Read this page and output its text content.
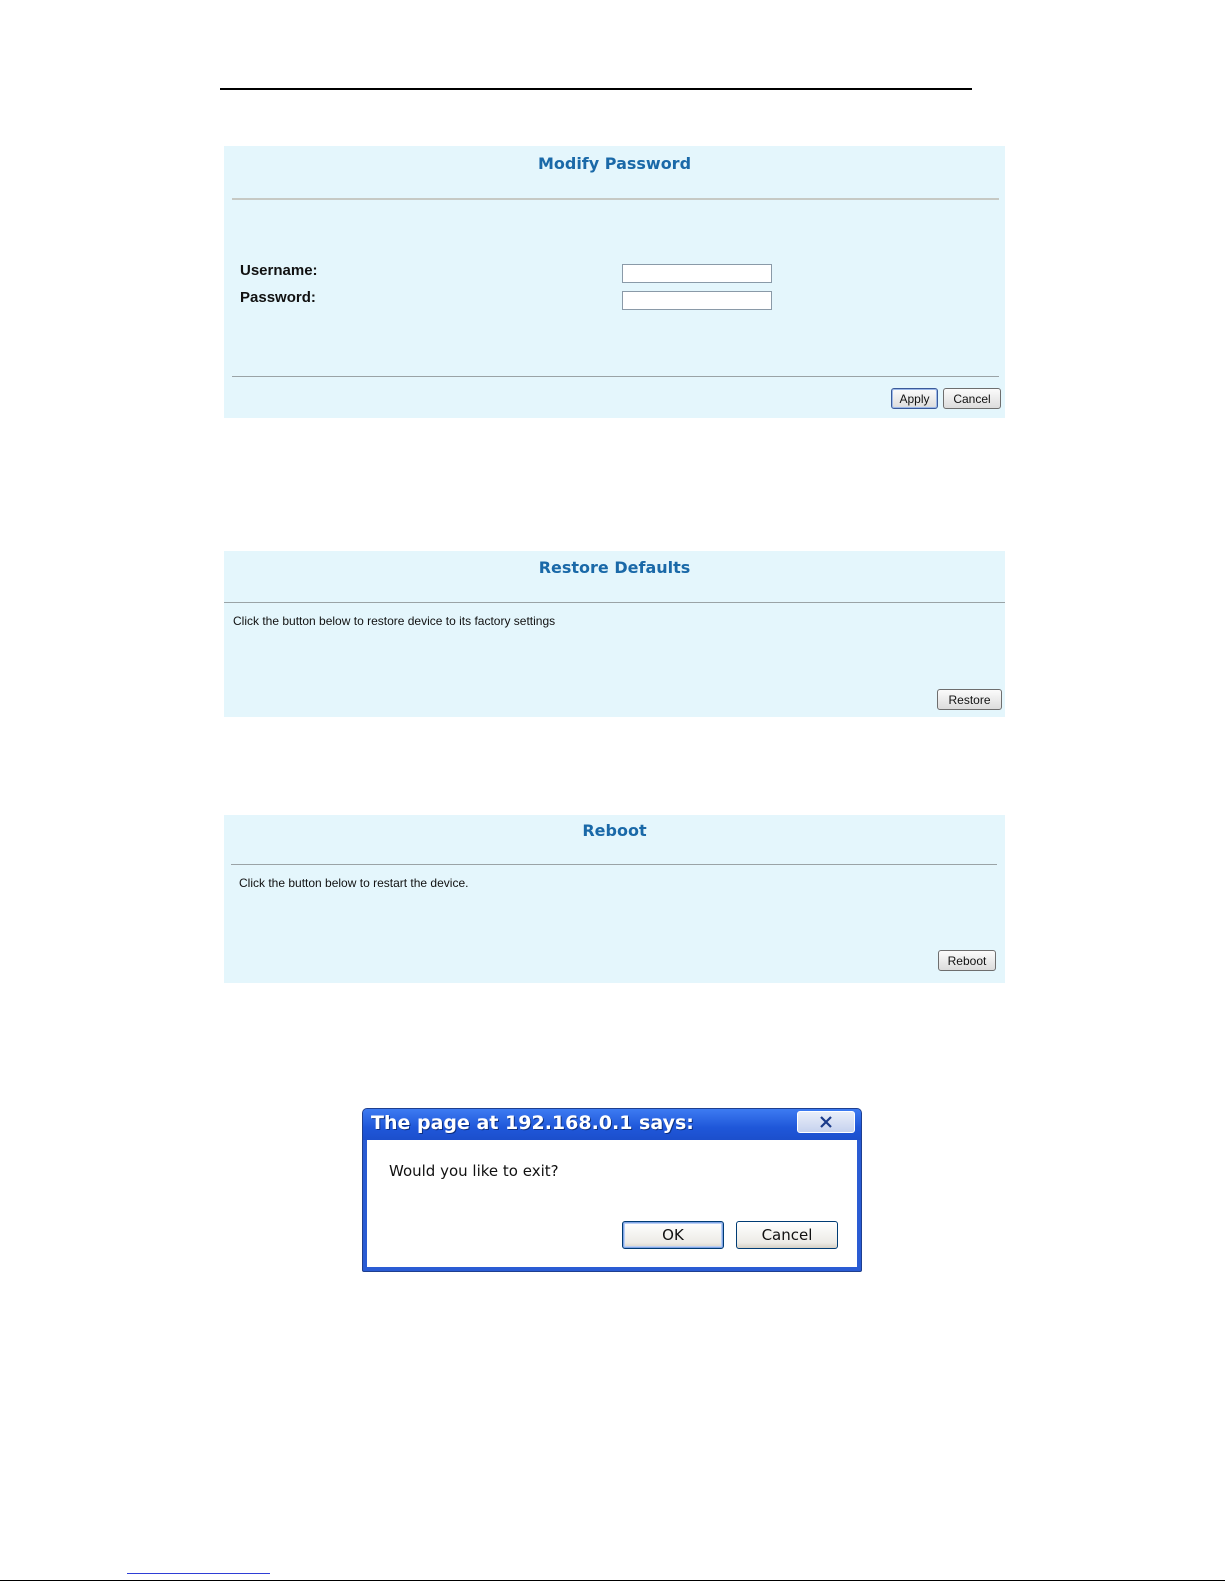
Modify Password
Username:
Password:
Apply	Cancel
Restore Defaults
Click the button below to restore device to its factory settings
Restore
Reboot
Click the button below to restart the device.
Reboot
The page at 192.168.0.1 says:
Would you like to exit?
OK	Cancel
